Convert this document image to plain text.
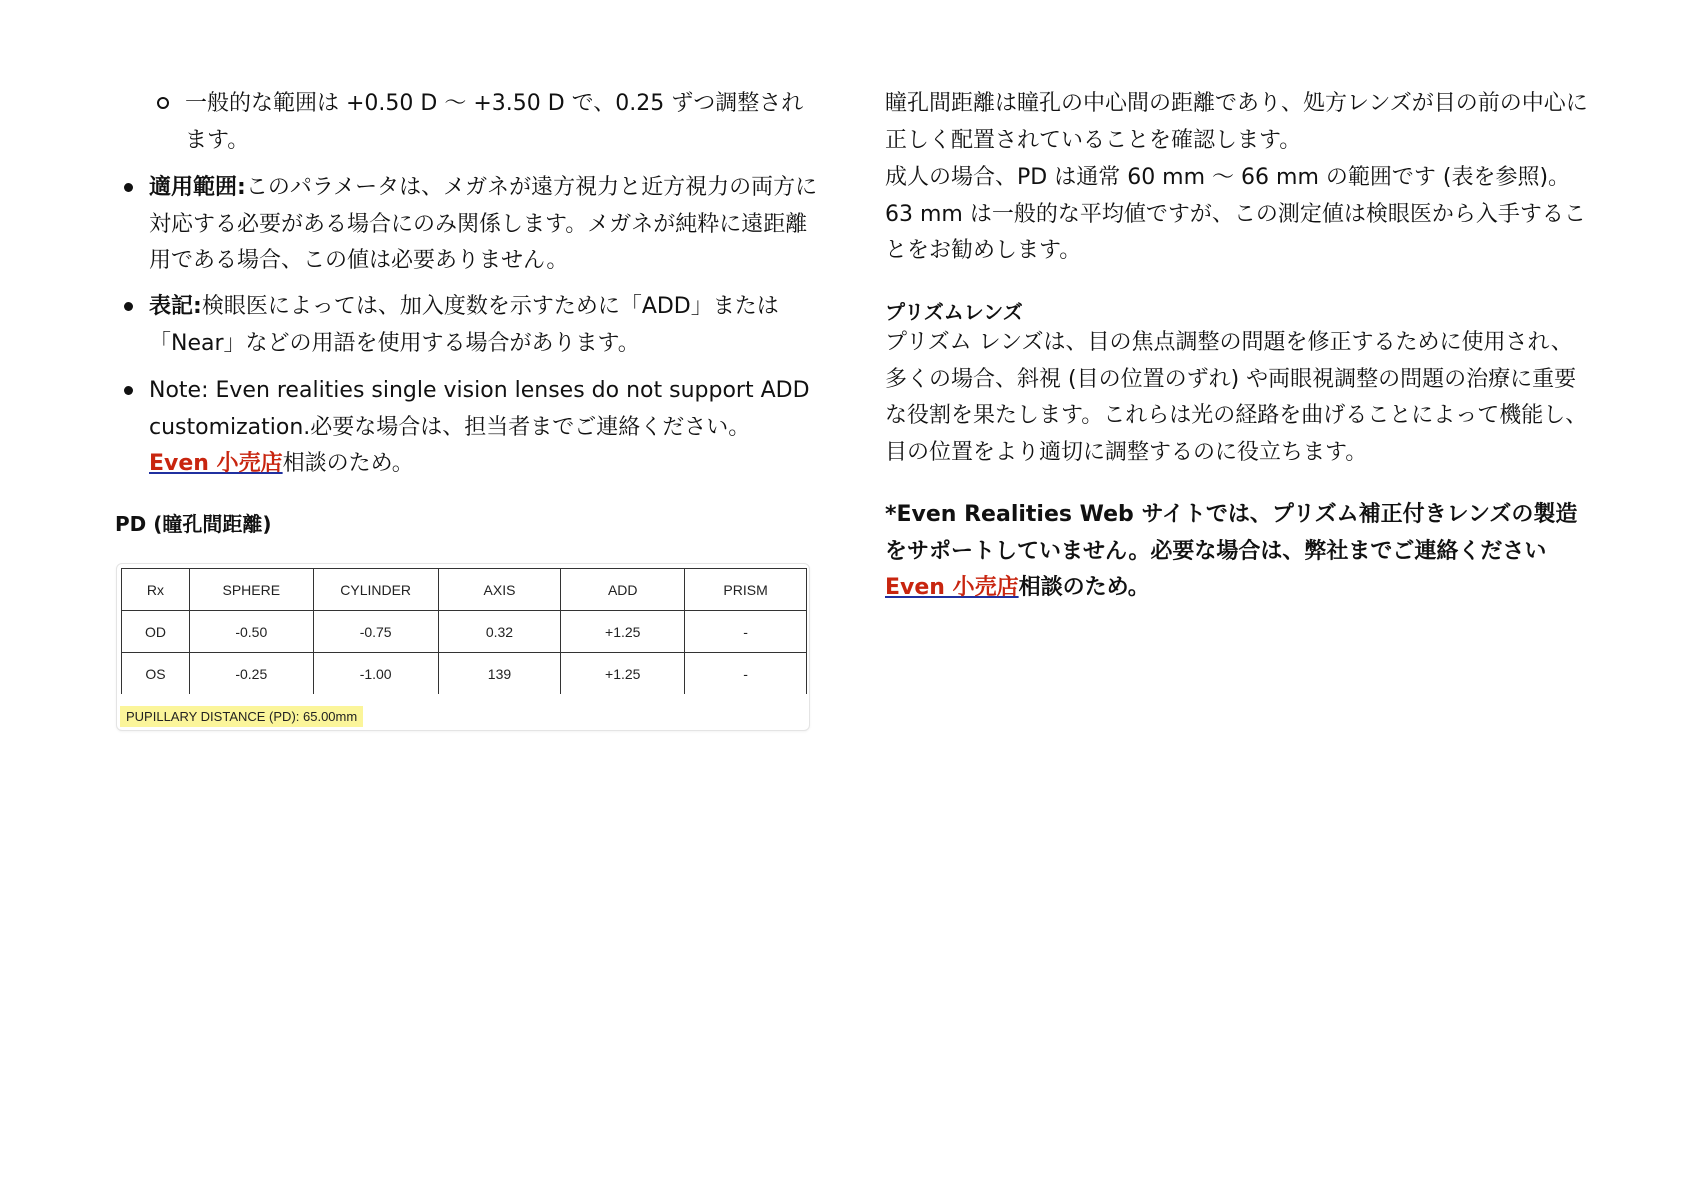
一般的な範囲は +0.50 D 〜 +3.50 D で、0.25 ずつ調整されます。

適用範囲:このパラメータは、メガネが遠方視力と近方視力の両方に対応する必要がある場合にのみ関係します。メガネが純粋に遠距離用である場合、この値は必要ありません。

表記:検眼医によっては、加入度数を示すために「ADD」または「Near」などの用語を使用する場合があります。

Note: Even realities single vision lenses do not support ADD customization.必要な場合は、担当者までご連絡ください。
Even 小売店相談のため。

PD (瞳孔間距離)
Rx	SPHERE	CYLINDER	AXIS	ADD	PRISM
OD	-0.50	-0.75	0.32	+1.25	-
OS	-0.25	-1.00	139	+1.25	-
PUPILLARY DISTANCE (PD): 65.00mm

瞳孔間距離は瞳孔の中心間の距離であり、処方レンズが目の前の中心に正しく配置されていることを確認します。

成人の場合、PD は通常 60 mm 〜 66 mm の範囲です (表を参照)。 63 mm は一般的な平均値ですが、この測定値は検眼医から入手することをお勧めします。

プリズムレンズ

プリズム レンズは、目の焦点調整の問題を修正するために使用され、多くの場合、斜視 (目の位置のずれ) や両眼視調整の問題の治療に重要な役割を果たします。これらは光の経路を曲げることによって機能し、目の位置をより適切に調整するのに役立ちます。

*Even Realities Web サイトでは、プリズム補正付きレンズの製造をサポートしていません。必要な場合は、弊社までご連絡ください
Even 小売店相談のため。
